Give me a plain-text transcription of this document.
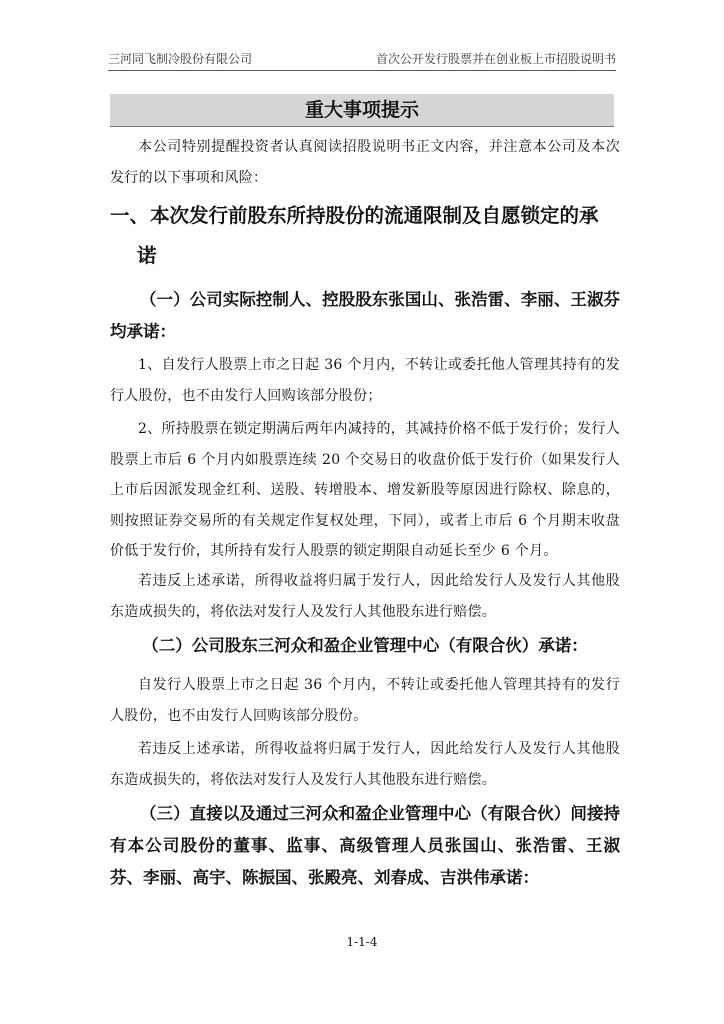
三河同飞制冷股份有限公司	首次公开发行股票并在创业板上市招股说明书
重大事项提示

本公司特别提醒投资者认真阅读招股说明书正文内容，并注意本公司及本次发行的以下事项和风险：

一、本次发行前股东所持股份的流通限制及自愿锁定的承
诺

（一）公司实际控制人、控股股东张国山、张浩雷、李丽、王淑芬均承诺：

1、自发行人股票上市之日起 36 个月内，不转让或委托他人管理其持有的发行人股份，也不由发行人回购该部分股份；

2、所持股票在锁定期满后两年内减持的，其减持价格不低于发行价；发行人股票上市后 6 个月内如股票连续 20 个交易日的收盘价低于发行价（如果发行人上市后因派发现金红利、送股、转增股本、增发新股等原因进行除权、除息的，则按照证券交易所的有关规定作复权处理，下同），或者上市后 6 个月期末收盘价低于发行价，其所持有发行人股票的锁定期限自动延长至少 6 个月。

若违反上述承诺，所得收益将归属于发行人，因此给发行人及发行人其他股东造成损失的，将依法对发行人及发行人其他股东进行赔偿。

（二）公司股东三河众和盈企业管理中心（有限合伙）承诺：

自发行人股票上市之日起 36 个月内，不转让或委托他人管理其持有的发行人股份，也不由发行人回购该部分股份。

若违反上述承诺，所得收益将归属于发行人，因此给发行人及发行人其他股东造成损失的，将依法对发行人及发行人其他股东进行赔偿。

（三）直接以及通过三河众和盈企业管理中心（有限合伙）间接持有本公司股份的董事、监事、高级管理人员张国山、张浩雷、王淑芬、李丽、高宇、陈振国、张殿亮、刘春成、吉洪伟承诺：

1-1-4
